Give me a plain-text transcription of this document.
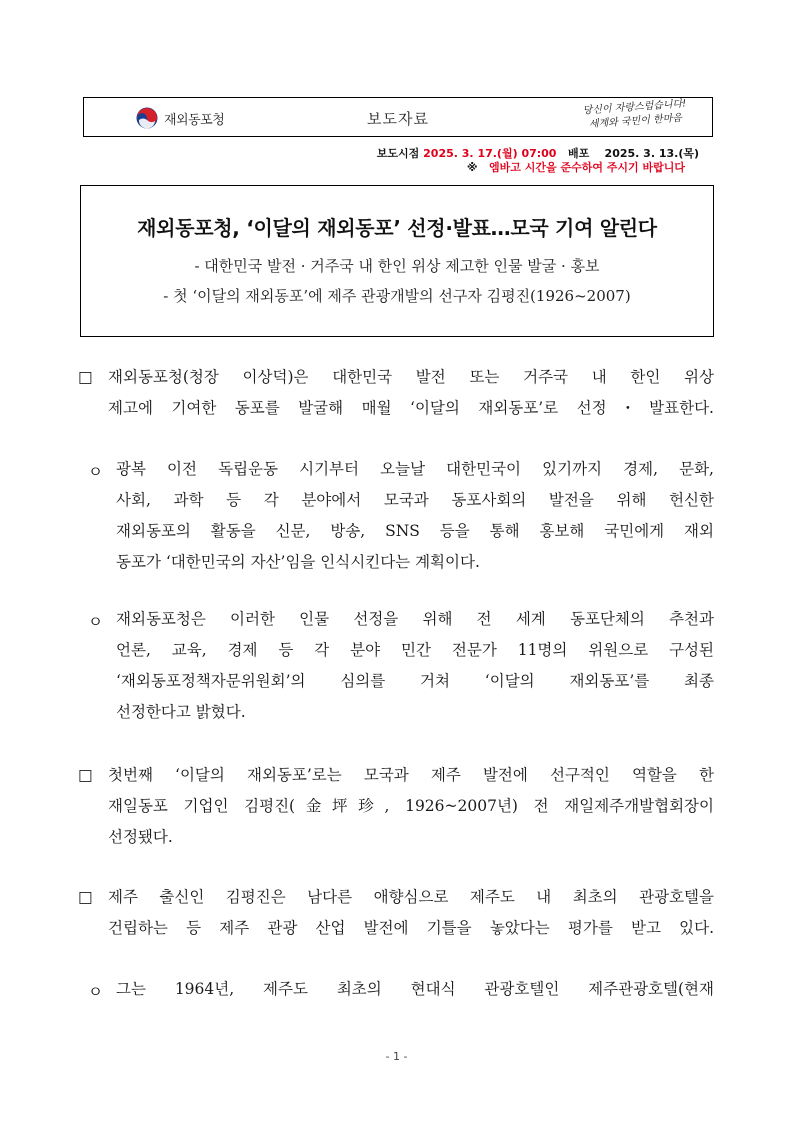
재외동포청	보도자료
당신이 자랑스럽습니다!
세계와 국민이 한마음
보도시점 2025. 3. 17.(월) 07:00 배포 2025. 3. 13.(목)
※ 엠바고 시간을 준수하여 주시기 바랍니다
재외동포청, ‘이달의 재외동포’ 선정·발표…모국 기여 알린다
- 대한민국 발전 · 거주국 내 한인 위상 제고한 인물 발굴 · 홍보
- 첫 ‘이달의 재외동포’에 제주 관광개발의 선구자 김평진(1926~2007)
□ 재외동포청(청장 이상덕)은 대한민국 발전 또는 거주국 내 한인 위상
제고에 기여한 동포를 발굴해 매월 ‘이달의 재외동포’로 선정・발표한다.
ㅇ 광복 이전 독립운동 시기부터 오늘날 대한민국이 있기까지 경제, 문화,
사회, 과학 등 각 분야에서 모국과 동포사회의 발전을 위해 헌신한
재외동포의 활동을 신문, 방송, SNS 등을 통해 홍보해 국민에게 재외
동포가 ‘대한민국의 자산’임을 인식시킨다는 계획이다.
ㅇ 재외동포청은 이러한 인물 선정을 위해 전 세계 동포단체의 추천과
언론, 교육, 경제 등 각 분야 민간 전문가 11명의 위원으로 구성된
‘재외동포정책자문위원회’의 심의를 거쳐 ‘이달의 재외동포’를 최종
선정한다고 밝혔다.
□ 첫번째 ‘이달의 재외동포’로는 모국과 제주 발전에 선구적인 역할을 한
재일동포 기업인 김평진(金坪珍, 1926~2007년) 전 재일제주개발협회장이
선정됐다.
□ 제주 출신인 김평진은 남다른 애향심으로 제주도 내 최초의 관광호텔을
건립하는 등 제주 관광 산업 발전에 기틀을 놓았다는 평가를 받고 있다.
ㅇ 그는 1964년, 제주도 최초의 현대식 관광호텔인 제주관광호텔(현재
- 1 -
